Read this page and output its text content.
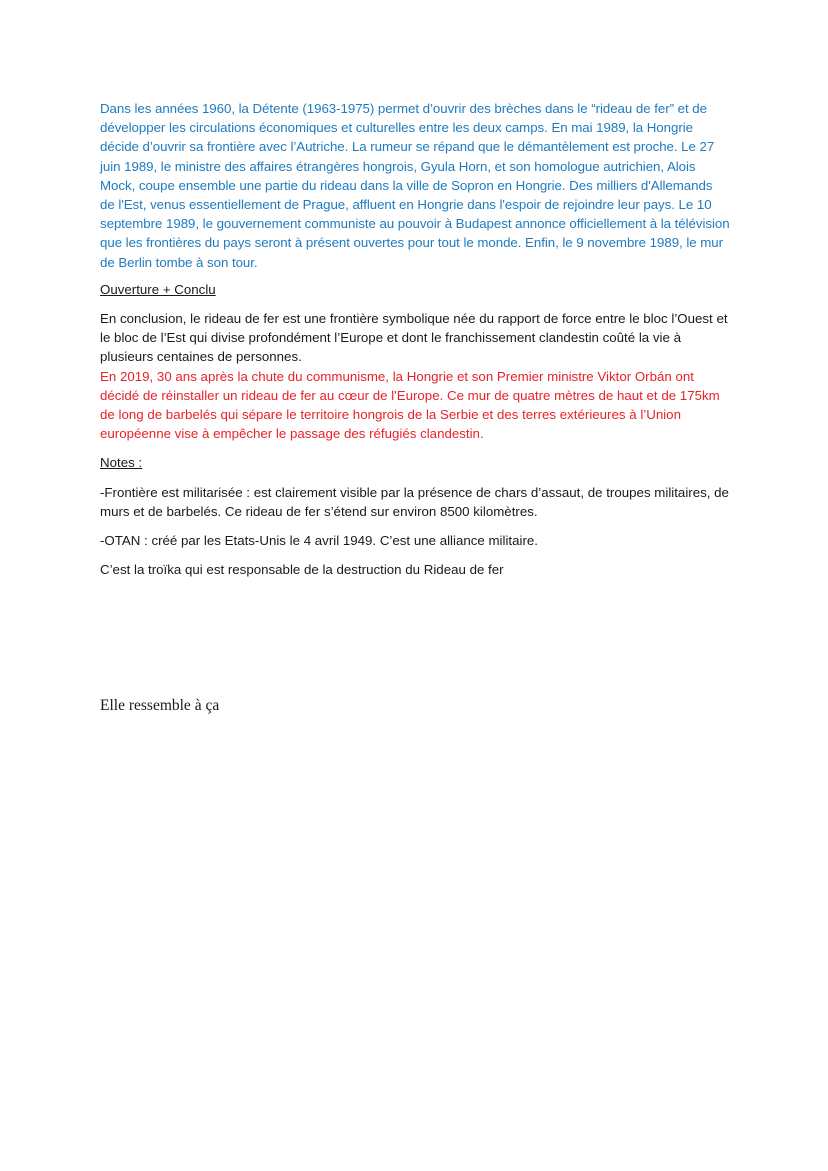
Dans les années 1960, la Détente (1963-1975) permet d’ouvrir des brèches dans le “rideau de fer” et de développer les circulations économiques et culturelles entre les deux camps. En mai 1989, la Hongrie décide d’ouvrir sa frontière avec l’Autriche. La rumeur se répand que le démantèlement est proche. Le 27 juin 1989, le ministre des affaires étrangères hongrois, Gyula Horn, et son homologue autrichien, Alois Mock, coupe ensemble une partie du rideau dans la ville de Sopron en Hongrie. Des milliers d'Allemands de l'Est, venus essentiellement de Prague, affluent en Hongrie dans l'espoir de rejoindre leur pays. Le 10 septembre 1989, le gouvernement communiste au pouvoir à Budapest annonce officiellement à la télévision que les frontières du pays seront à présent ouvertes pour tout le monde. Enfin, le 9 novembre 1989, le mur de Berlin tombe à son tour.

Ouverture + Conclu

En conclusion, le rideau de fer est une frontière symbolique née du rapport de force entre le bloc l’Ouest et le bloc de l’Est qui divise profondément l’Europe et dont le franchissement clandestin coûté la vie à plusieurs centaines de personnes.

En 2019, 30 ans après la chute du communisme, la Hongrie et son Premier ministre Viktor Orbán ont décidé de réinstaller un rideau de fer au cœur de l'Europe. Ce mur de quatre mètres de haut et de 175km de long de barbelés qui sépare le territoire hongrois de la Serbie et des terres extérieures à l’Union européenne vise à empêcher le passage des réfugiés clandestin.

Notes :

-Frontière est militarisée : est clairement visible par la présence de chars d’assaut, de troupes militaires, de murs et de barbelés. Ce rideau de fer s’étend sur environ 8500 kilomètres.

-OTAN : créé par les Etats-Unis le 4 avril 1949. C’est une alliance militaire.

C’est la troïka qui est responsable de la destruction du Rideau de fer

Elle ressemble à ça
